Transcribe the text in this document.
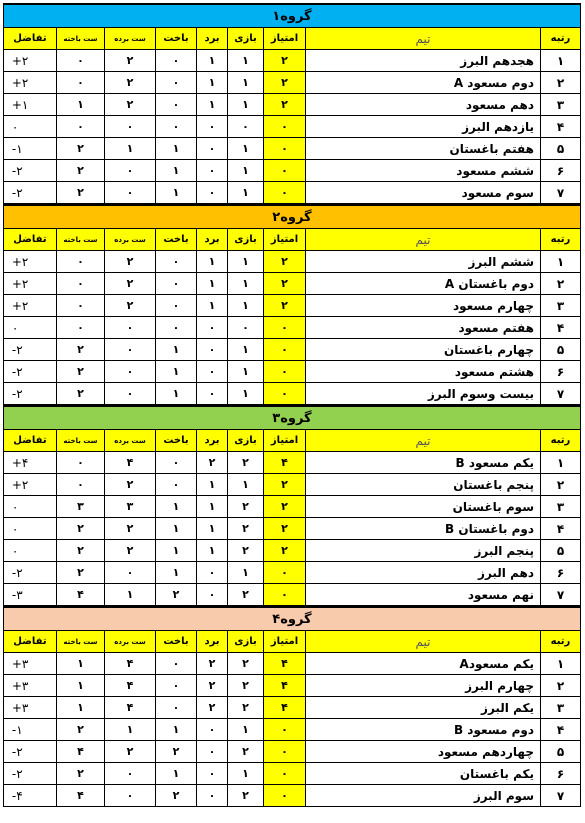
گروه۱								
رتبه	تیم	امتیاز	بازی	برد	باخت	ست برده	ست باخته	تفاضل
۱	هجدهم البرز	۲	۱	۱	۰	۲	۰	+۲
۲	دوم مسعود A	۲	۱	۱	۰	۲	۰	+۲
۳	دهم مسعود	۲	۱	۱	۰	۲	۱	+۱
۴	یازدهم البرز	۰	۰	۰	۰	۰	۰	۰
۵	هفتم باغستان	۰	۱	۰	۱	۱	۲	-۱
۶	ششم مسعود	۰	۱	۰	۱	۰	۲	-۲
۷	سوم مسعود	۰	۱	۰	۱	۰	۲	-۲
گروه۲								
رتبه	تیم	امتیاز	بازی	برد	باخت	ست برده	ست باخته	تفاضل
۱	ششم البرز	۲	۱	۱	۰	۲	۰	+۲
۲	دوم باغستان A	۲	۱	۱	۰	۲	۰	+۲
۳	چهارم مسعود	۲	۱	۱	۰	۲	۰	+۲
۴	هفتم مسعود	۰	۰	۰	۰	۰	۰	۰
۵	چهارم باغستان	۰	۱	۰	۱	۰	۲	-۲
۶	هشتم مسعود	۰	۱	۰	۱	۰	۲	-۲
۷	بیست وسوم البرز	۰	۱	۰	۱	۰	۲	-۲
گروه۳								
رتبه	تیم	امتیاز	بازی	برد	باخت	ست برده	ست باخته	تفاضل
۱	یکم مسعود B	۴	۲	۲	۰	۴	۰	+۴
۲	پنجم باغستان	۲	۱	۱	۰	۲	۰	+۲
۳	سوم باغستان	۲	۲	۱	۱	۳	۳	۰
۴	دوم باغستان B	۲	۲	۱	۱	۲	۲	۰
۵	پنجم البرز	۲	۲	۱	۱	۲	۲	۰
۶	دهم البرز	۰	۱	۰	۱	۰	۲	-۲
۷	نهم مسعود	۰	۲	۰	۲	۱	۴	-۳
گروه۴								
رتبه	تیم	امتیاز	بازی	برد	باخت	ست برده	ست باخته	تفاضل
۱	یکم مسعودA	۴	۲	۲	۰	۴	۱	+۳
۲	چهارم البرز	۴	۲	۲	۰	۴	۱	+۳
۳	یکم البرز	۴	۲	۲	۰	۴	۱	+۳
۴	دوم مسعود B	۰	۱	۰	۱	۱	۲	-۱
۵	چهاردهم مسعود	۰	۲	۰	۲	۲	۴	-۲
۶	یکم باغستان	۰	۱	۰	۱	۰	۲	-۲
۷	سوم البرز	۰	۲	۰	۲	۰	۴	-۴
